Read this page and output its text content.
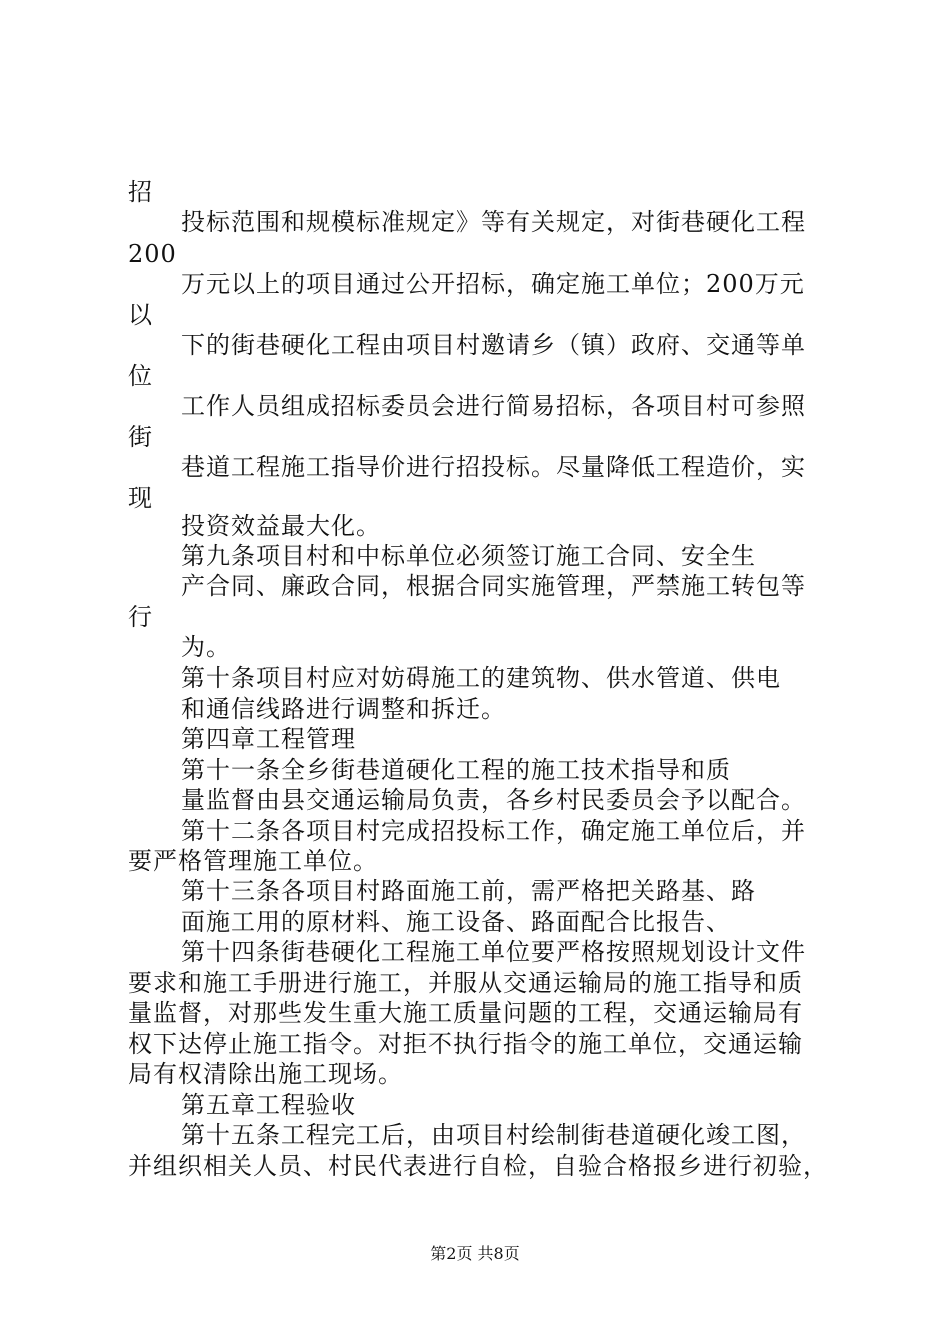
招
投标范围和规模标准规定》等有关规定，对街巷硬化工程
200
万元以上的项目通过公开招标，确定施工单位；200万元
以
下的街巷硬化工程由项目村邀请乡（镇）政府、交通等单
位
工作人员组成招标委员会进行简易招标，各项目村可参照
街
巷道工程施工指导价进行招投标。尽量降低工程造价，实
现
投资效益最大化。
第九条项目村和中标单位必须签订施工合同、安全生
产合同、廉政合同，根据合同实施管理，严禁施工转包等
行
为。
第十条项目村应对妨碍施工的建筑物、供水管道、供电
和通信线路进行调整和拆迁。
第四章工程管理
第十一条全乡街巷道硬化工程的施工技术指导和质
量监督由县交通运输局负责，各乡村民委员会予以配合。
第十二条各项目村完成招投标工作，确定施工单位后，并
要严格管理施工单位。
第十三条各项目村路面施工前，需严格把关路基、路
面施工用的原材料、施工设备、路面配合比报告、
第十四条街巷硬化工程施工单位要严格按照规划设计文件
要求和施工手册进行施工，并服从交通运输局的施工指导和质
量监督，对那些发生重大施工质量问题的工程，交通运输局有
权下达停止施工指令。对拒不执行指令的施工单位，交通运输
局有权清除出施工现场。
第五章工程验收
第十五条工程完工后，由项目村绘制街巷道硬化竣工图，
并组织相关人员、村民代表进行自检，自验合格报乡进行初验，
第2页 共8页
